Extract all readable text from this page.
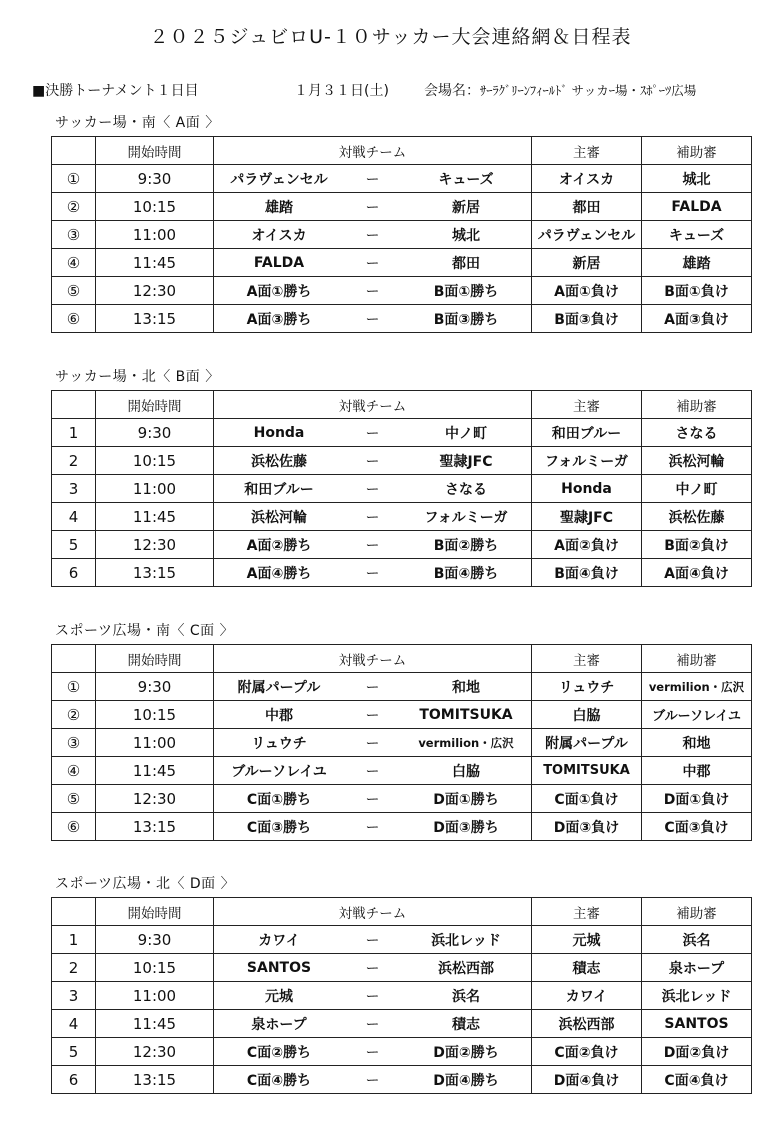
２０２５ジュビロU-１０サッカー大会連絡網＆日程表
■決勝トーナメント１日目	１月３１日(土)	会場名：ｻｰﾗｸﾞﾘｰﾝﾌｨｰﾙﾄﾞ サッカｰ場・ｽﾎﾟｰﾂ広場
サッカー場・南〈 A面 〉
	開始時間	対戦チーム	主審	補助審
①	9:30	パラヴェンセル ー キューズ	オイスカ	城北
②	10:15	雄踏 ー 新居	都田	FALDA
③	11:00	オイスカ ー 城北	パラヴェンセル	キューズ
④	11:45	FALDA ー 都田	新居	雄踏
⑤	12:30	A面①勝ち ー B面①勝ち	A面①負け	B面①負け
⑥	13:15	A面③勝ち ー B面③勝ち	B面③負け	A面③負け
サッカー場・北〈 B面 〉
	開始時間	対戦チーム	主審	補助審
1	9:30	Honda ー 中ノ町	和田ブルー	さなる
2	10:15	浜松佐藤 ー 聖隷JFC	フォルミーガ	浜松河輪
3	11:00	和田ブルー ー さなる	Honda	中ノ町
4	11:45	浜松河輪 ー フォルミーガ	聖隷JFC	浜松佐藤
5	12:30	A面②勝ち ー B面②勝ち	A面②負け	B面②負け
6	13:15	A面④勝ち ー B面④勝ち	B面④負け	A面④負け
スポーツ広場・南〈 C面 〉
	開始時間	対戦チーム	主審	補助審
①	9:30	附属パープル ー 和地	リュウチ	vermilion・広沢
②	10:15	中郡 ー TOMITSUKA	白脇	ブルーソレイユ
③	11:00	リュウチ ー vermilion・広沢	附属パープル	和地
④	11:45	ブルーソレイユ ー 白脇	TOMITSUKA	中郡
⑤	12:30	C面①勝ち ー D面①勝ち	C面①負け	D面①負け
⑥	13:15	C面③勝ち ー D面③勝ち	D面③負け	C面③負け
スポーツ広場・北〈 D面 〉
	開始時間	対戦チーム	主審	補助審
1	9:30	カワイ ー 浜北レッド	元城	浜名
2	10:15	SANTOS ー 浜松西部	積志	泉ホープ
3	11:00	元城 ー 浜名	カワイ	浜北レッド
4	11:45	泉ホープ ー 積志	浜松西部	SANTOS
5	12:30	C面②勝ち ー D面②勝ち	C面②負け	D面②負け
6	13:15	C面④勝ち ー D面④勝ち	D面④負け	C面④負け
